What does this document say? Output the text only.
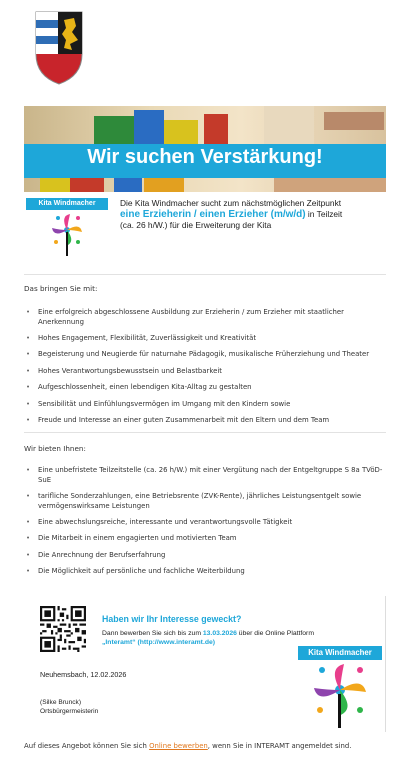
Wir suchen Verstärkung!
Kita Windmacher	Die Kita Windmacher sucht zum nächstmöglichen Zeitpunkt
eine Erzieherin / einen Erzieher (m/w/d) in Teilzeit
(ca. 26 h/W.) für die Erweiterung der Kita
Das bringen Sie mit:
• Eine erfolgreich abgeschlossene Ausbildung zur Erzieherin / zum Erzieher mit staatlicher Anerkennung
• Hohes Engagement, Flexibilität, Zuverlässigkeit und Kreativität
• Begeisterung und Neugierde für naturnahe Pädagogik, musikalische Früherziehung und Theater
• Hohes Verantwortungsbewusstsein und Belastbarkeit
• Aufgeschlossenheit, einen lebendigen Kita-Alltag zu gestalten
• Sensibilität und Einfühlungsvermögen im Umgang mit den Kindern sowie
• Freude und Interesse an einer guten Zusammenarbeit mit den Eltern und dem Team
Wir bieten Ihnen:
• Eine unbefristete Teilzeitstelle (ca. 26 h/W.) mit einer Vergütung nach der Entgeltgruppe S 8a TVöD-SuE
• tarifliche Sonderzahlungen, eine Betriebsrente (ZVK-Rente), jährliches Leistungsentgelt sowie vermögenswirksame Leistungen
• Eine abwechslungsreiche, interessante und verantwortungsvolle Tätigkeit
• Die Mitarbeit in einem engagierten und motivierten Team
• Die Anrechnung der Berufserfahrung
• Die Möglichkeit auf persönliche und fachliche Weiterbildung
Haben wir Ihr Interesse geweckt?
Dann bewerben Sie sich bis zum 13.03.2026 über die Online Plattform
„Interamt“ (http://www.interamt.de)
Neuhemsbach, 12.02.2026
(Silke Brunck)
Ortsbürgermeisterin
Kita Windmacher
Auf dieses Angebot können Sie sich Online bewerben, wenn Sie in INTERAMT angemeldet sind.
